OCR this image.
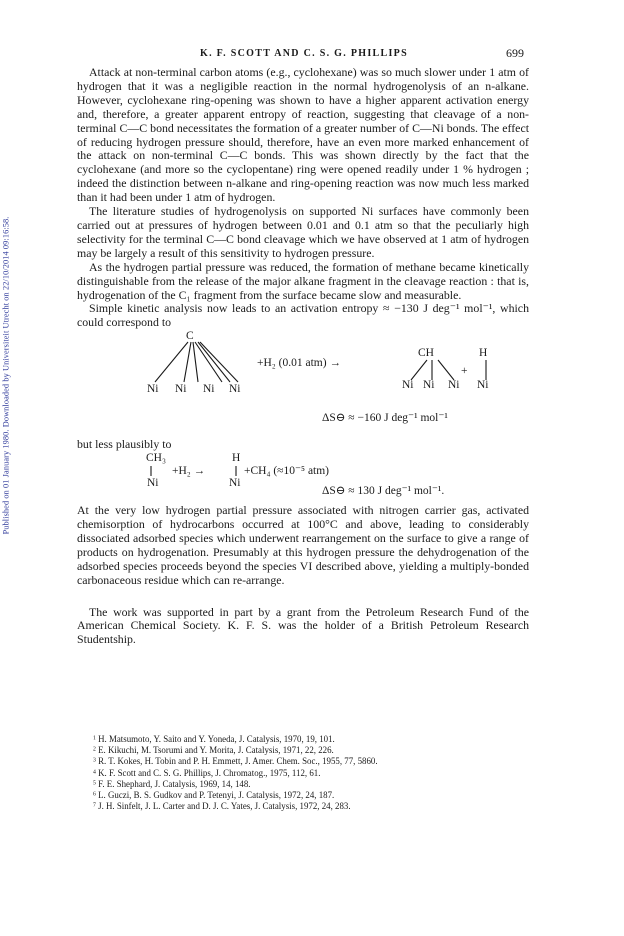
Published on 01 January 1980. Downloaded by Universiteit Utrecht on 22/10/2014 09:16:58.
K. F. SCOTT AND C. S. G. PHILLIPS	699

Attack at non-terminal carbon atoms (e.g., cyclohexane) was so much slower under 1 atm of hydrogen that it was a negligible reaction in the normal hydrogenolysis of an n-alkane. However, cyclohexane ring-opening was shown to have a higher apparent activation energy and, therefore, a greater apparent entropy of reaction, suggesting that cleavage of a non-terminal C—C bond necessitates the formation of a greater number of C—Ni bonds. The effect of reducing hydrogen pressure should, therefore, have an even more marked enhancement of the attack on non-terminal C—C bonds. This was shown directly by the fact that the cyclohexane (and more so the cyclopentane) ring were opened readily under 1 % hydrogen ; indeed the distinction between n-alkane and ring-opening reaction was now much less marked than it had been under 1 atm of hydrogen.

The literature studies of hydrogenolysis on supported Ni surfaces have commonly been carried out at pressures of hydrogen between 0.01 and 0.1 atm so that the peculiarly high selectivity for the terminal C—C bond cleavage which we have observed at 1 atm of hydrogen may be largely a result of this sensitivity to hydrogen pressure.

As the hydrogen partial pressure was reduced, the formation of methane became kinetically distinguishable from the release of the major alkane fragment in the cleavage reaction : that is, hydrogenation of the C₁ fragment from the surface became slow and measurable.

Simple kinetic analysis now leads to an activation entropy ≈ −130 J deg⁻¹ mol⁻¹, which could correspond to

C
Ni Ni Ni Ni
+H₂ (0.01 atm) →
CH	H
+
Ni Ni Ni Ni
ΔS⊖ ≈ −160 J deg⁻¹ mol⁻¹

but less plausibly to

CH₃
Ni
+H₂ →
H
Ni
+CH₄ (≈10⁻⁵ atm)
ΔS⊖ ≈ 130 J deg⁻¹ mol⁻¹.

At the very low hydrogen partial pressure associated with nitrogen carrier gas, activated chemisorption of hydrocarbons occurred at 100°C and above, leading to considerably dissociated adsorbed species which underwent rearrangement on the surface to give a range of products on hydrogenation. Presumably at this hydrogen pressure the dehydrogenation of the adsorbed species proceeds beyond the species VI described above, yielding a multiply-bonded carbonaceous residue which can re-arrange.

The work was supported in part by a grant from the Petroleum Research Fund of the American Chemical Society. K. F. S. was the holder of a British Petroleum Research Studentship.

$^1$ H. Matsumoto, Y. Saito and Y. Yoneda, J. Catalysis, 1970, 19, 101.
$^2$ E. Kikuchi, M. Tsorumi and Y. Morita, J. Catalysis, 1971, 22, 226.
$^3$ R. T. Kokes, H. Tobin and P. H. Emmett, J. Amer. Chem. Soc., 1955, 77, 5860.
$^4$ K. F. Scott and C. S. G. Phillips, J. Chromatog., 1975, 112, 61.
$^5$ F. E. Shephard, J. Catalysis, 1969, 14, 148.
$^6$ L. Guczi, B. S. Gudkov and P. Tetenyi, J. Catalysis, 1972, 24, 187.
$^7$ J. H. Sinfelt, J. L. Carter and D. J. C. Yates, J. Catalysis, 1972, 24, 283.
